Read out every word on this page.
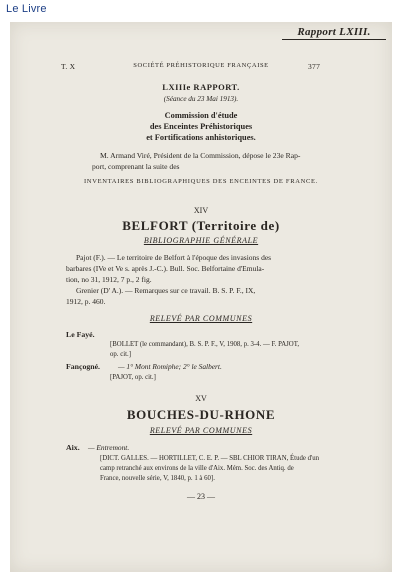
Le Livre
Rapport LXIII.
T. X	SOCIÉTÉ PRÉHISTORIQUE FRANÇAISE	377
LXIIIe RAPPORT.
(Séance du 23 Mai 1913).
Commission d'étude
des Enceintes Préhistoriques
et Fortifications anhistoriques.
M. Armand Viré, Président de la Commission, dépose le 23e Rap-
port, comprenant la suite des
INVENTAIRES BIBLIOGRAPHIQUES DES ENCEINTES DE FRANCE.
XIV
BELFORT (Territoire de)
BIBLIOGRAPHIE GÉNÉRALE
Pajot (F.). — Le territoire de Belfort à l'époque des invasions des
barbares (IVe et Ve s. après J.-C.). Bull. Soc. Belfortaine d'Emula-
tion, no 31, 1912, 7 p., 2 fig.
Grenier (D' A.). — Remarques sur ce travail. B. S. P. F., IX,
1912, p. 460.
RELEVÉ PAR COMMUNES
Le Fayé.
[BOLLET (le commandant), B. S. P. F., V, 1908, p. 3-4. — F. PAJOT,
op. cit.]
Fançogné. — 1° Mont Romiphe; 2° le Salbert.
[PAJOT, op. cit.]
XV
BOUCHES-DU-RHONE
RELEVÉ PAR COMMUNES
Aix. — Entremont.
[DICT. GALLES. — HORTILLET, C. E. P. — SBL CHIOR TIRAN, Étude d'un
camp retranché aux environs de la ville d'Aix. Mém. Soc. des Antiq. de
France, nouvelle série, V, 1840, p. 1 à 60].
— 23 —
